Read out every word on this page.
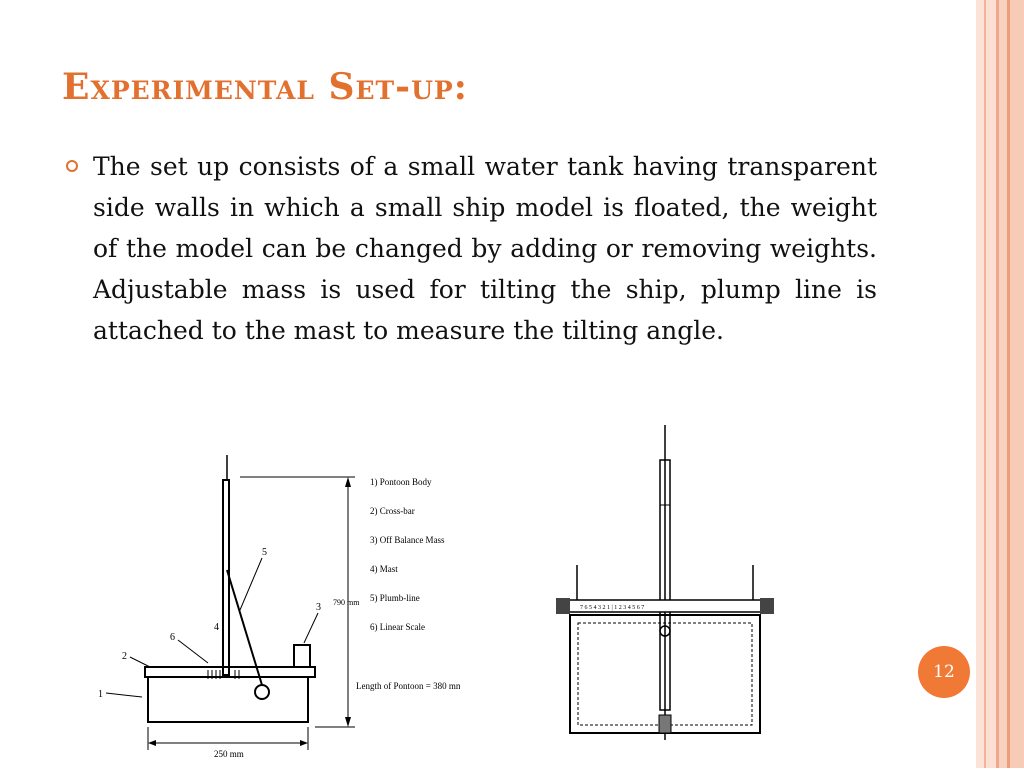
Experimental Set-up:

The set up consists of a small water tank having transparent side walls in which a small ship model is floated, the weight of the model can be changed by adding or removing weights. Adjustable mass is used for tilting the ship, plump line is attached to the mast to measure the tilting angle.

250 mm
790 mm
1
2
3
4
5
6
1) Pontoon Body
2) Cross-bar
3) Off Balance Mass
4) Mast
5) Plumb-line
6) Linear Scale
Length of Pontoon = 380 mm
7 6 5 4 3 2 1 | 1 2 3 4 5 6 7
12
